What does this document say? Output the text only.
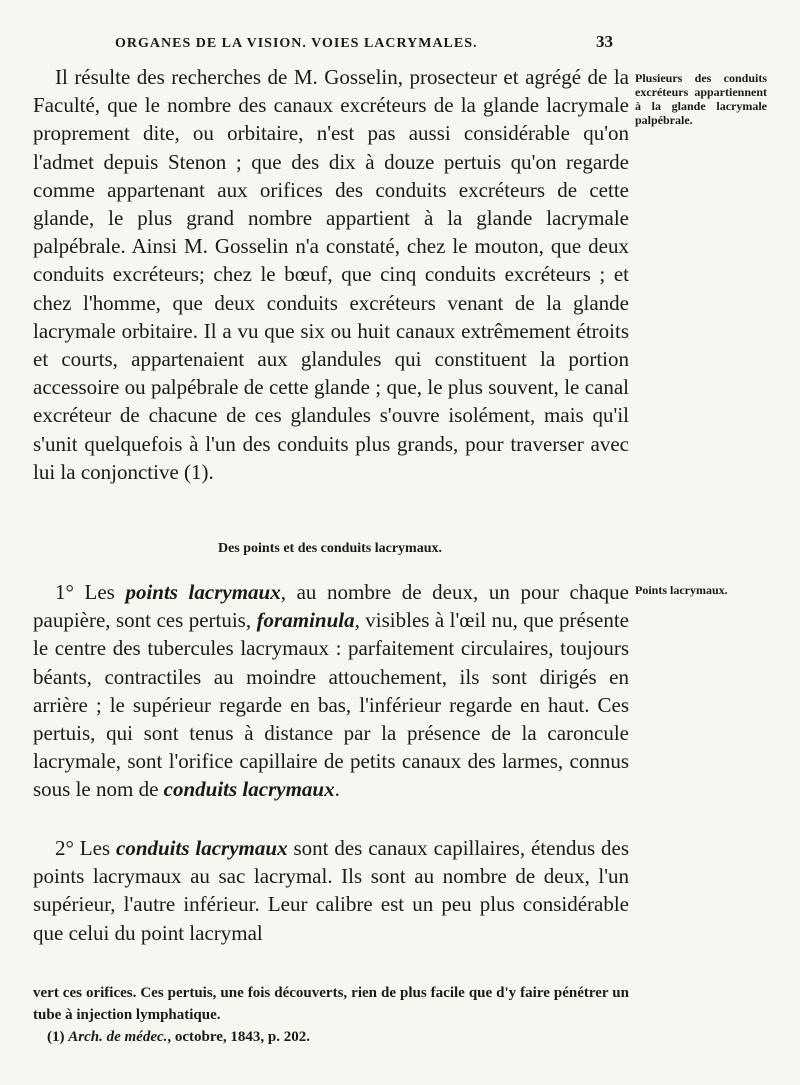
ORGANES DE LA VISION. VOIES LACRYMALES.	33
Il résulte des recherches de M. Gosselin, prosecteur et agrégé de la Faculté, que le nombre des canaux excréteurs de la glande lacrymale proprement dite, ou orbitaire, n'est pas aussi considérable qu'on l'admet depuis Stenon ; que des dix à douze pertuis qu'on regarde comme appartenant aux orifices des conduits excréteurs de cette glande, le plus grand nombre appartient à la glande lacrymale palpébrale. Ainsi M. Gosselin n'a constaté, chez le mouton, que deux conduits excréteurs; chez le bœuf, que cinq conduits excréteurs ; et chez l'homme, que deux conduits excréteurs venant de la glande lacrymale orbitaire. Il a vu que six ou huit canaux extrêmement étroits et courts, appartenaient aux glandules qui constituent la portion accessoire ou palpébrale de cette glande ; que, le plus souvent, le canal excréteur de chacune de ces glandules s'ouvre isolément, mais qu'il s'unit quelquefois à l'un des conduits plus grands, pour traverser avec lui la conjonctive (1).
Plusieurs des conduits excréteurs appartiennent à la glande lacrymale palpébrale.
Des points et des conduits lacrymaux.
1° Les points lacrymaux, au nombre de deux, un pour chaque paupière, sont ces pertuis, foraminula, visibles à l'œil nu, que présente le centre des tubercules lacrymaux : parfaitement circulaires, toujours béants, contractiles au moindre attouchement, ils sont dirigés en arrière ; le supérieur regarde en bas, l'inférieur regarde en haut. Ces pertuis, qui sont tenus à distance par la présence de la caroncule lacrymale, sont l'orifice capillaire de petits canaux des larmes, connus sous le nom de conduits lacrymaux.
Points lacrymaux.
2° Les conduits lacrymaux sont des canaux capillaires, étendus des points lacrymaux au sac lacrymal. Ils sont au nombre de deux, l'un supérieur, l'autre inférieur. Leur calibre est un peu plus considérable que celui du point lacrymal
vert ces orifices. Ces pertuis, une fois découverts, rien de plus facile que d'y faire pénétrer un tube à injection lymphatique.
(1) Arch. de médec., octobre, 1843, p. 202.
